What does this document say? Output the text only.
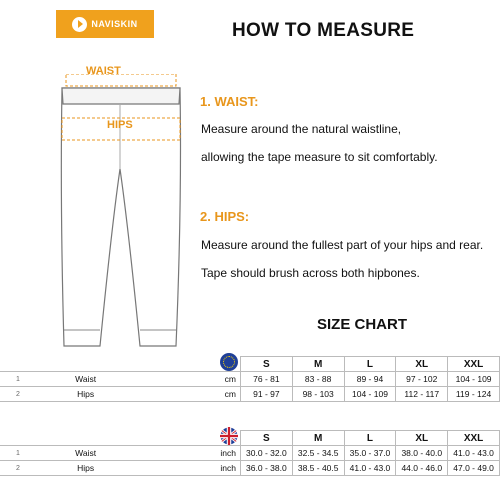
NAVISKIN	HOW TO MEASURE
WAIST
HIPS
1. WAIST:
Measure around the natural waistline,
allowing the tape measure to sit comfortably.
2. HIPS:
Measure around the fullest part of your hips and rear.
Tape should brush across both hipbones.
SIZE CHART

	S	M	L	XL	XXL
1	Waist	cm	76 - 81	83 - 88	89 - 94	97 - 102	104 - 109
2	Hips	cm	91 - 97	98 - 103	104 - 109	112 - 117	119 - 124

	S	M	L	XL	XXL
1	Waist	inch	30.0 - 32.0	32.5 - 34.5	35.0 - 37.0	38.0 - 40.0	41.0 - 43.0
2	Hips	inch	36.0 - 38.0	38.5 - 40.5	41.0 - 43.0	44.0 - 46.0	47.0 - 49.0
